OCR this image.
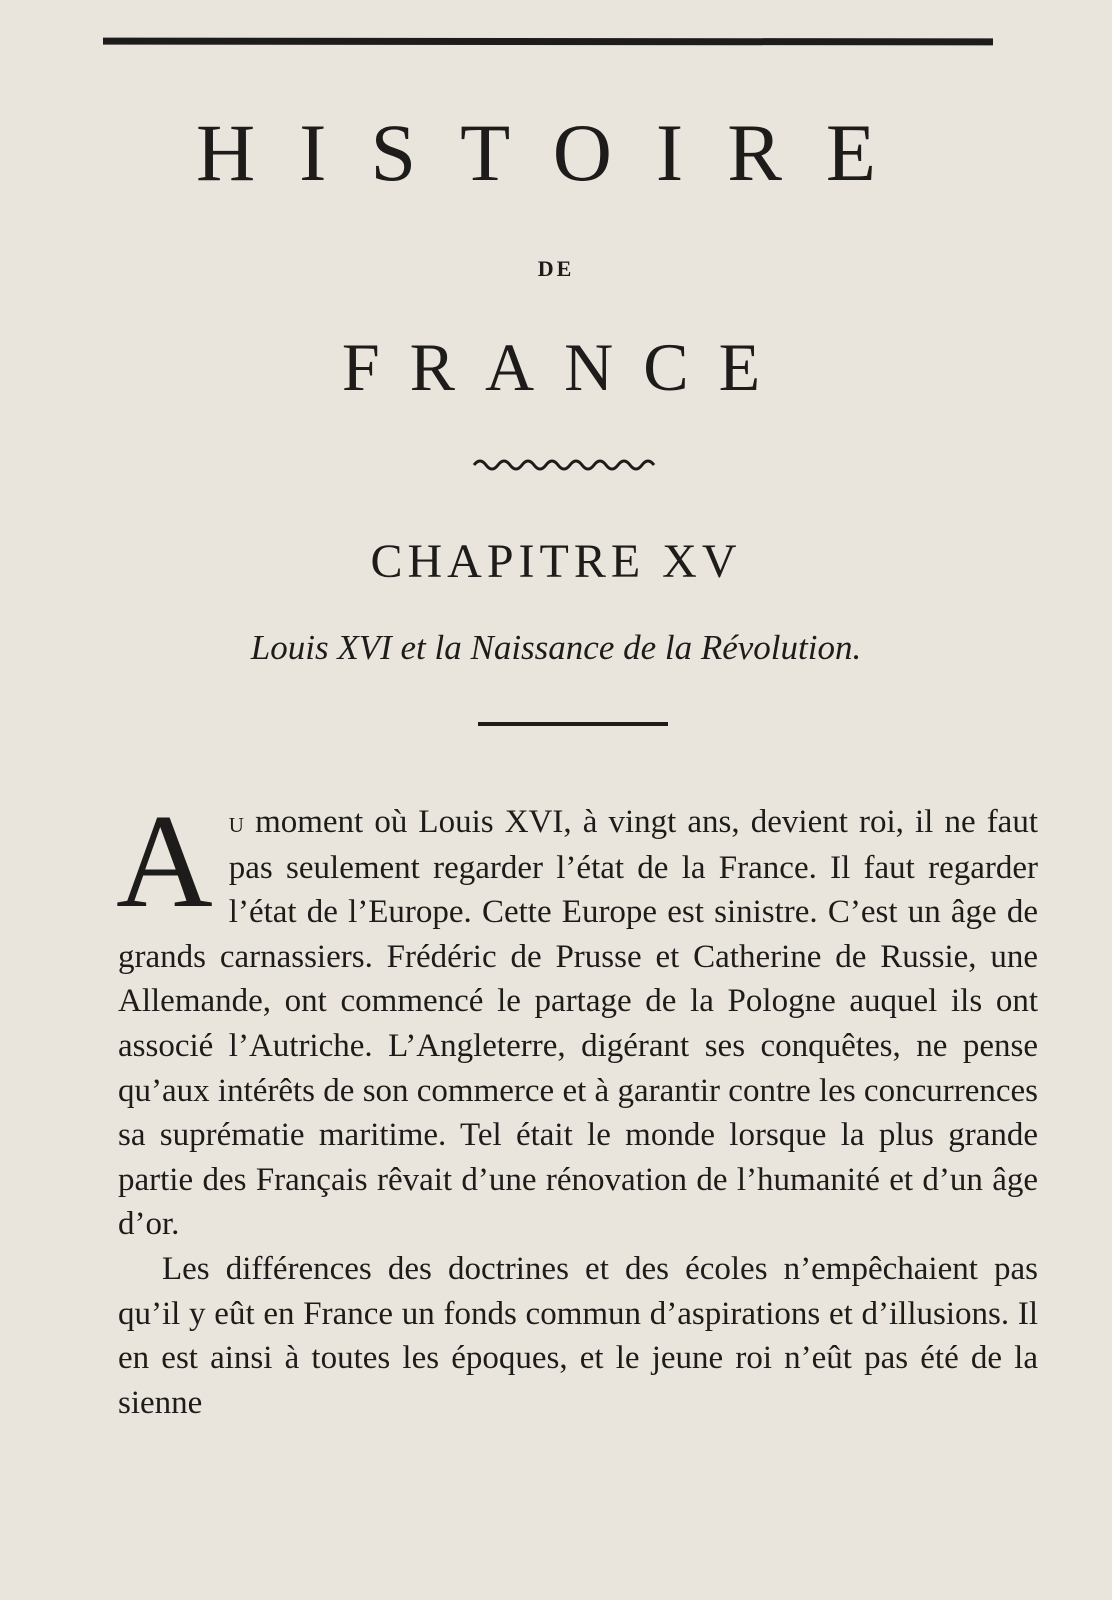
HISTOIRE
DE
FRANCE
CHAPITRE XV
Louis XVI et la Naissance de la Révolution.

Au moment où Louis XVI, à vingt ans, devient roi, il ne faut pas seulement regarder l’état de la France. Il faut regarder l’état de l’Europe. Cette Europe est sinistre. C’est un âge de grands carnassiers. Frédéric de Prusse et Catherine de Russie, une Allemande, ont commencé le partage de la Pologne auquel ils ont associé l’Autriche. L’Angleterre, digérant ses conquêtes, ne pense qu’aux intérêts de son commerce et à garantir contre les concurrences sa suprématie maritime. Tel était le monde lorsque la plus grande partie des Français rêvait d’une rénovation de l’humanité et d’un âge d’or.

Les différences des doctrines et des écoles n’empêchaient pas qu’il y eût en France un fonds commun d’aspirations et d’illusions. Il en est ainsi à toutes les époques, et le jeune roi n’eût pas été de la sienne
